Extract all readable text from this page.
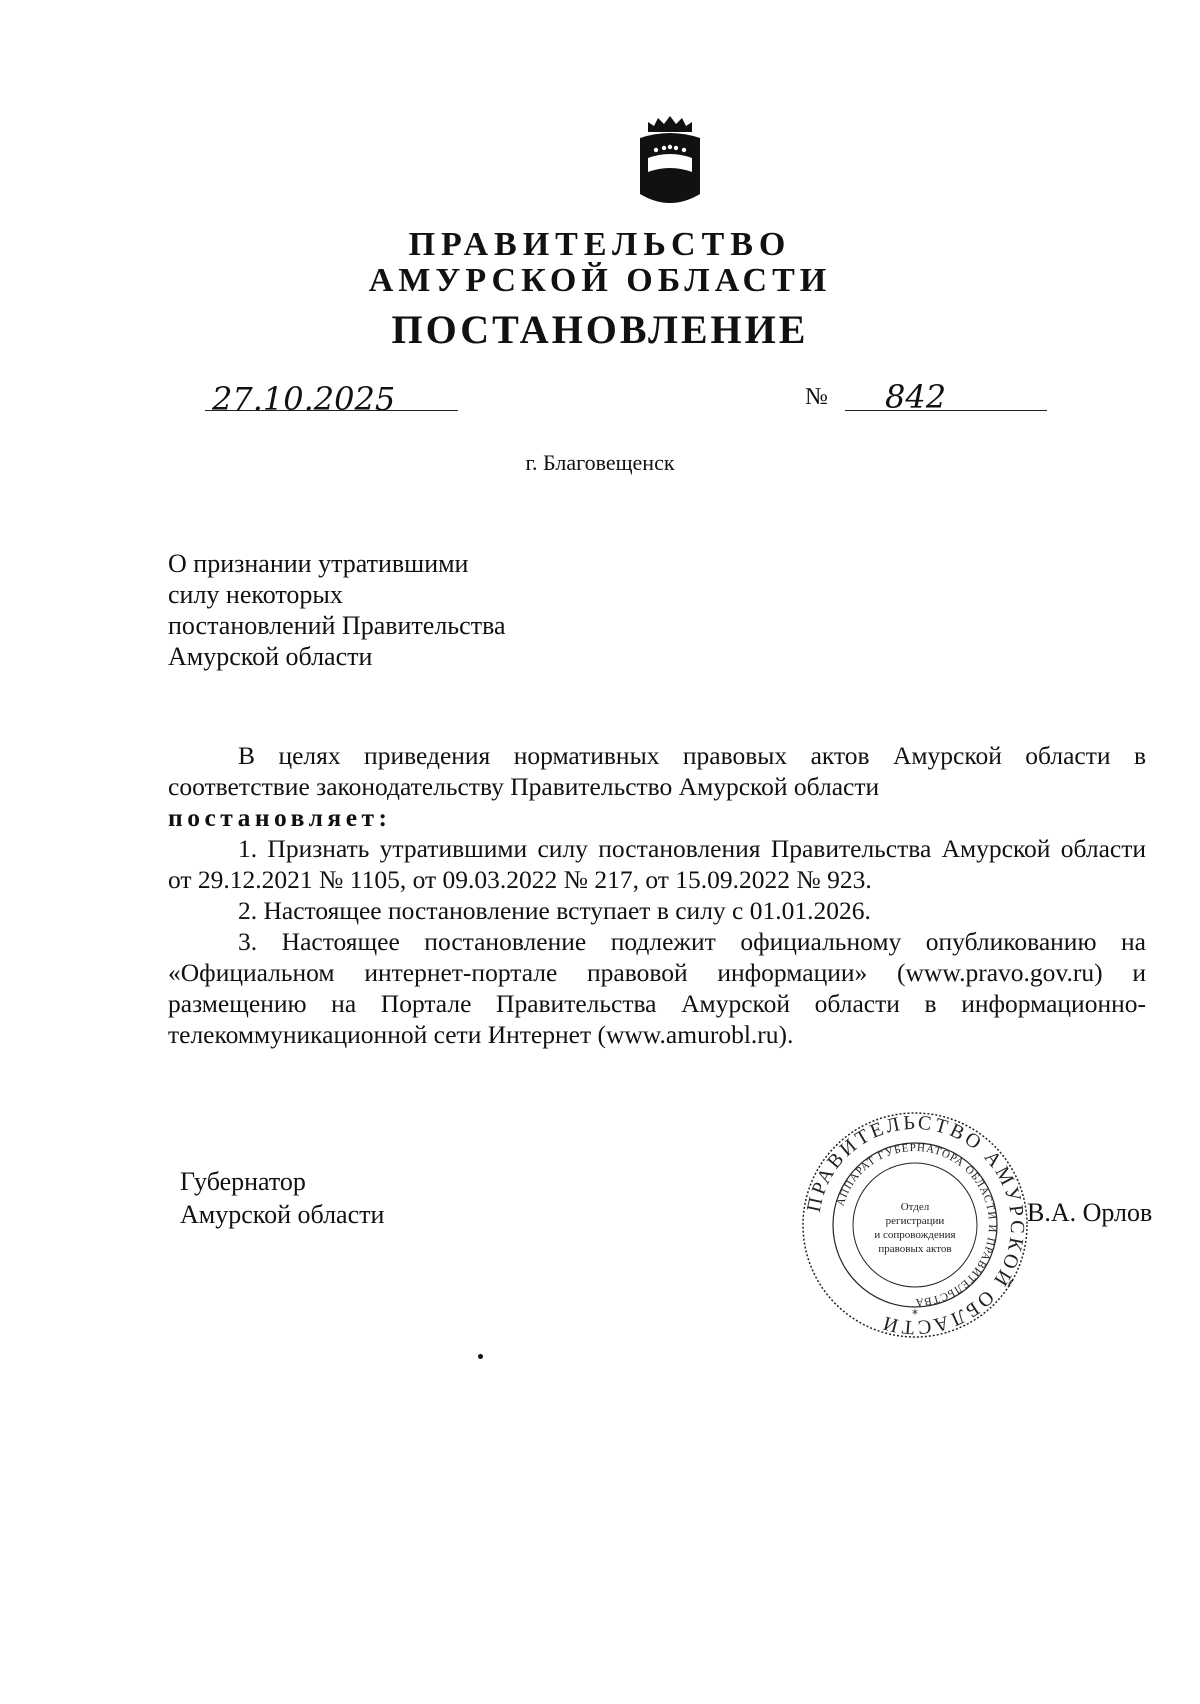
ПРАВИТЕЛЬСТВО
АМУРСКОЙ ОБЛАСТИ
ПОСТАНОВЛЕНИЕ
27.10.2025	№ 842
г. Благовещенск
О признании утратившими
силу некоторых
постановлений Правительства
Амурской области

В целях приведения нормативных правовых актов Амурской области в соответствие законодательству Правительство Амурской области

постановляет:

1. Признать утратившими силу постановления Правительства Амурской области от 29.12.2021 № 1105, от 09.03.2022 № 217, от 15.09.2022 № 923.

2. Настоящее постановление вступает в силу с 01.01.2026.

3. Настоящее постановление подлежит официальному опубликованию на «Официальном интернет-портале правовой информации» (www.pravo.gov.ru) и размещению на Портале Правительства Амурской области в информационно-телекоммуникационной сети Интернет (www.amurobl.ru).

Губернатор
Амурской области	В.А. Орлов
ПРАВИТЕЛЬСТВО АМУРСКОЙ ОБЛАСТИ
АППАРАТ ГУБЕРНАТОРА ОБЛАСТИ И ПРАВИТЕЛЬСТВА
Отдел
регистрации
и сопровождения
правовых актов
*
